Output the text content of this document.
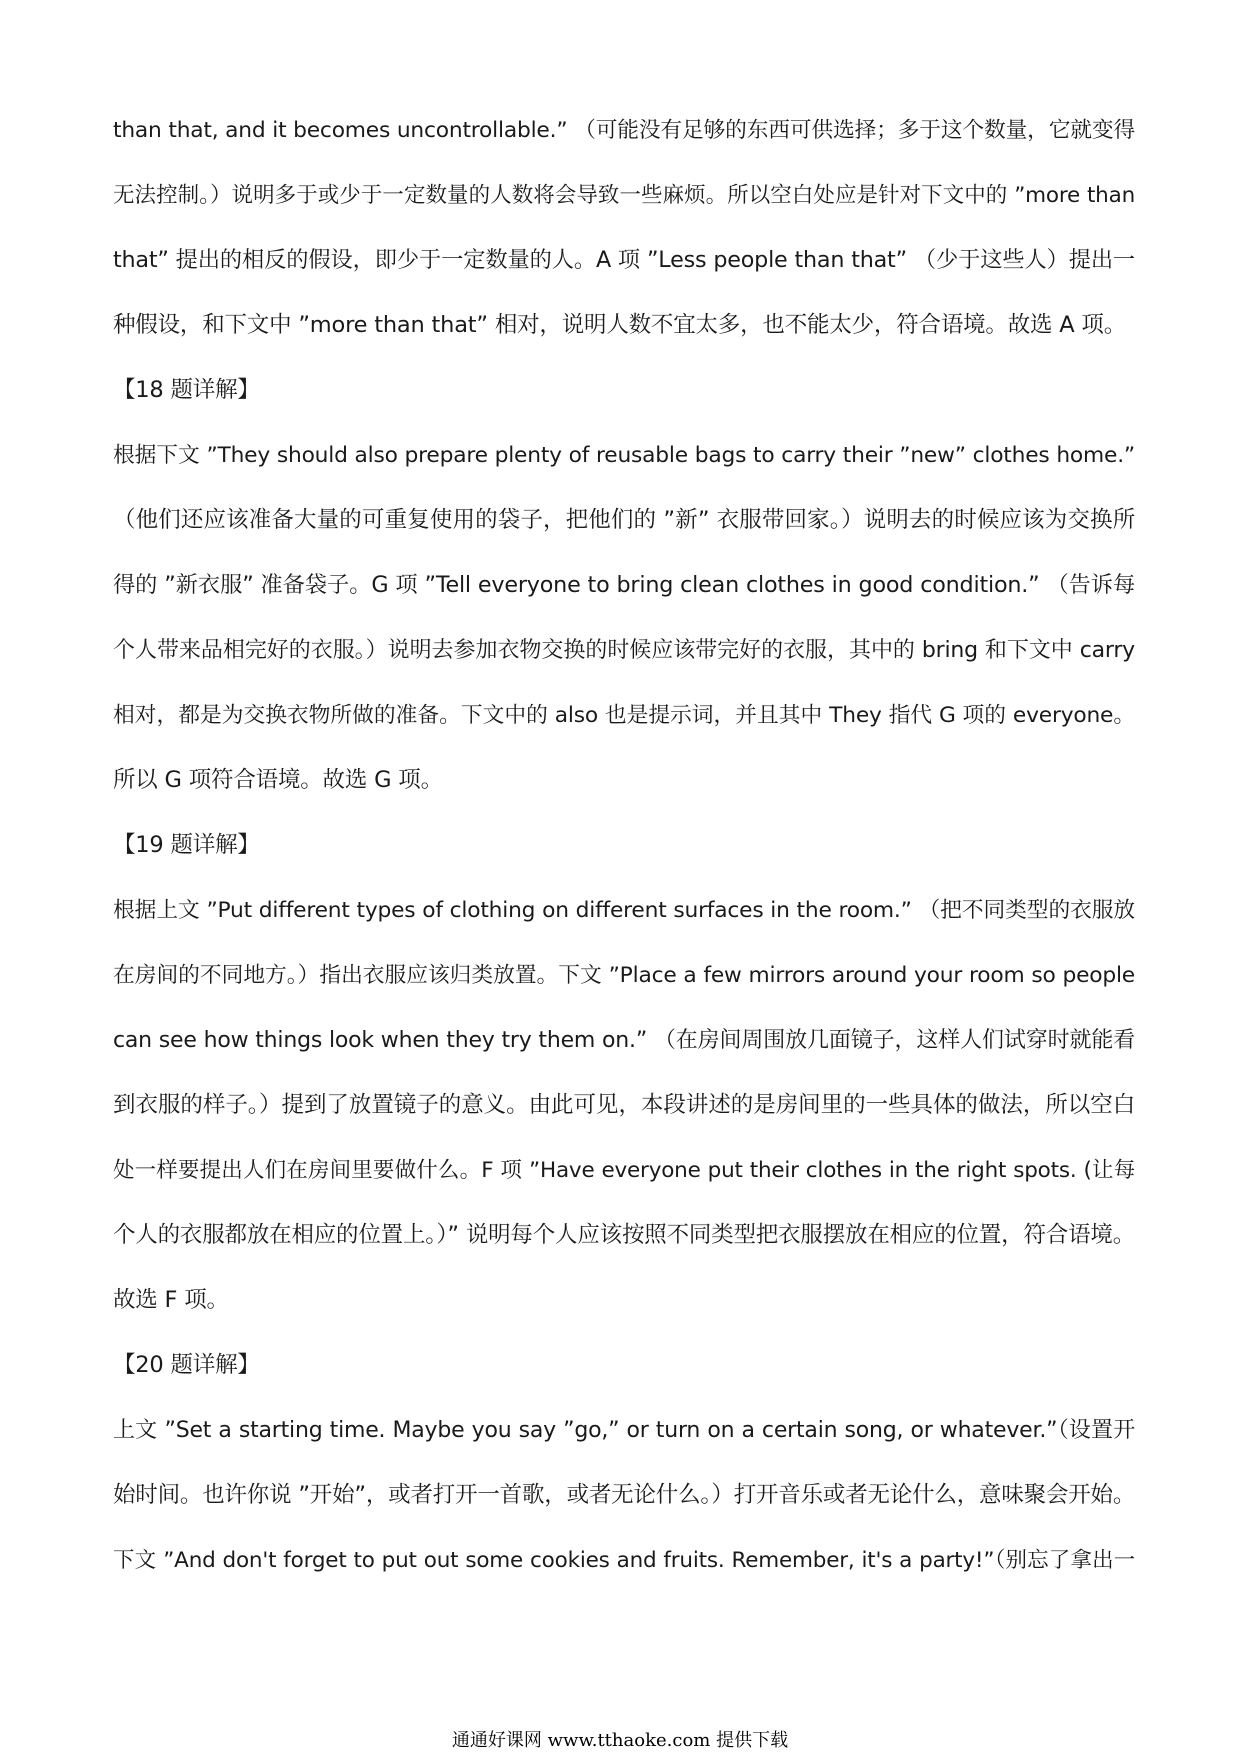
than that, and it becomes uncontrollable.” （可能没有足够的东西可供选择；多于这个数量，它就变得
无法控制。）说明多于或少于一定数量的人数将会导致一些麻烦。所以空白处应是针对下文中的 ”more than
that” 提出的相反的假设，即少于一定数量的人。A 项 ”Less people than that” （少于这些人）提出一
种假设，和下文中 ”more than that” 相对，说明人数不宜太多，也不能太少，符合语境。故选 A 项。
【18 题详解】
根据下文 ”They should also prepare plenty of reusable bags to carry their ”new” clothes home.”
（他们还应该准备大量的可重复使用的袋子，把他们的 ”新” 衣服带回家。）说明去的时候应该为交换所
得的 ”新衣服” 准备袋子。G 项 ”Tell everyone to bring clean clothes in good condition.” （告诉每
个人带来品相完好的衣服。）说明去参加衣物交换的时候应该带完好的衣服，其中的 bring 和下文中 carry
相对，都是为交换衣物所做的准备。下文中的 also 也是提示词，并且其中 They 指代 G 项的 everyone。
所以 G 项符合语境。故选 G 项。
【19 题详解】
根据上文 ”Put different types of clothing on different surfaces in the room.” （把不同类型的衣服放
在房间的不同地方。）指出衣服应该归类放置。下文 ”Place a few mirrors around your room so people
can see how things look when they try them on.” （在房间周围放几面镜子，这样人们试穿时就能看
到衣服的样子。）提到了放置镜子的意义。由此可见，本段讲述的是房间里的一些具体的做法，所以空白
处一样要提出人们在房间里要做什么。F 项 ”Have everyone put their clothes in the right spots. (让每
个人的衣服都放在相应的位置上。）” 说明每个人应该按照不同类型把衣服摆放在相应的位置，符合语境。
故选 F 项。
【20 题详解】
上文 ”Set a starting time. Maybe you say ”go,” or turn on a certain song, or whatever.”（设置开
始时间。也许你说 ”开始”，或者打开一首歌，或者无论什么。）打开音乐或者无论什么，意味聚会开始。
下文 ”And don't forget to put out some cookies and fruits. Remember, it's a party!”（别忘了拿出一
通通好课网 www.tthaoke.com 提供下载
